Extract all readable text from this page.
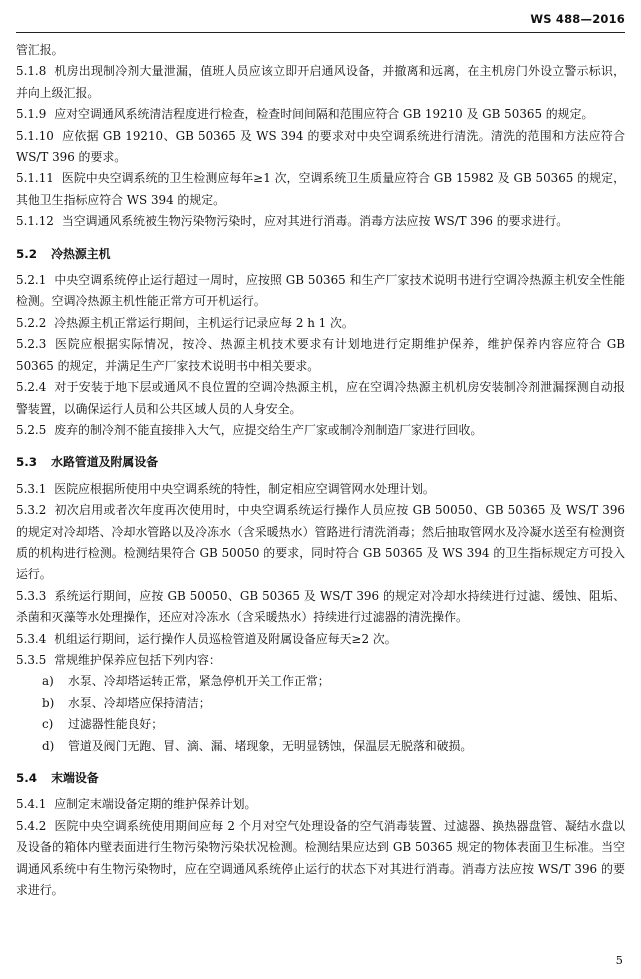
WS 488—2016

管汇报。

5.1.8 机房出现制冷剂大量泄漏，值班人员应该立即开启通风设备，并撤离和远离，在主机房门外设立警示标识，并向上级汇报。

5.1.9 应对空调通风系统清洁程度进行检查，检查时间间隔和范围应符合 GB 19210 及 GB 50365 的规定。

5.1.10 应依据 GB 19210、GB 50365 及 WS 394 的要求对中央空调系统进行清洗。清洗的范围和方法应符合 WS/T 396 的要求。

5.1.11 医院中央空调系统的卫生检测应每年≥1 次，空调系统卫生质量应符合 GB 15982 及 GB 50365 的规定，其他卫生指标应符合 WS 394 的规定。

5.1.12 当空调通风系统被生物污染物污染时，应对其进行消毒。消毒方法应按 WS/T 396 的要求进行。

5.2 冷热源主机

5.2.1 中央空调系统停止运行超过一周时，应按照 GB 50365 和生产厂家技术说明书进行空调冷热源主机安全性能检测。空调冷热源主机性能正常方可开机运行。

5.2.2 冷热源主机正常运行期间，主机运行记录应每 2 h 1 次。

5.2.3 医院应根据实际情况，按冷、热源主机技术要求有计划地进行定期维护保养，维护保养内容应符合 GB 50365 的规定，并满足生产厂家技术说明书中相关要求。

5.2.4 对于安装于地下层或通风不良位置的空调冷热源主机，应在空调冷热源主机机房安装制冷剂泄漏探测自动报警装置，以确保运行人员和公共区域人员的人身安全。

5.2.5 废弃的制冷剂不能直接排入大气，应提交给生产厂家或制冷剂制造厂家进行回收。

5.3 水路管道及附属设备

5.3.1 医院应根据所使用中央空调系统的特性，制定相应空调管网水处理计划。

5.3.2 初次启用或者次年度再次使用时，中央空调系统运行操作人员应按 GB 50050、GB 50365 及 WS/T 396 的规定对冷却塔、冷却水管路以及冷冻水（含采暖热水）管路进行清洗消毒；然后抽取管网水及冷凝水送至有检测资质的机构进行检测。检测结果符合 GB 50050 的要求，同时符合 GB 50365 及 WS 394 的卫生指标规定方可投入运行。

5.3.3 系统运行期间，应按 GB 50050、GB 50365 及 WS/T 396 的规定对冷却水持续进行过滤、缓蚀、阻垢、杀菌和灭藻等水处理操作，还应对冷冻水（含采暖热水）持续进行过滤器的清洗操作。

5.3.4 机组运行期间，运行操作人员巡检管道及附属设备应每天≥2 次。

5.3.5 常规维护保养应包括下列内容：

a) 水泵、冷却塔运转正常，紧急停机开关工作正常；

b) 水泵、冷却塔应保持清洁；

c) 过滤器性能良好；

d) 管道及阀门无跑、冒、滴、漏、堵现象，无明显锈蚀，保温层无脱落和破损。

5.4 末端设备

5.4.1 应制定末端设备定期的维护保养计划。

5.4.2 医院中央空调系统使用期间应每 2 个月对空气处理设备的空气消毒装置、过滤器、换热器盘管、凝结水盘以及设备的箱体内壁表面进行生物污染物污染状况检测。检测结果应达到 GB 50365 规定的物体表面卫生标准。当空调通风系统中有生物污染物时，应在空调通风系统停止运行的状态下对其进行消毒。消毒方法应按 WS/T 396 的要求进行。

5
